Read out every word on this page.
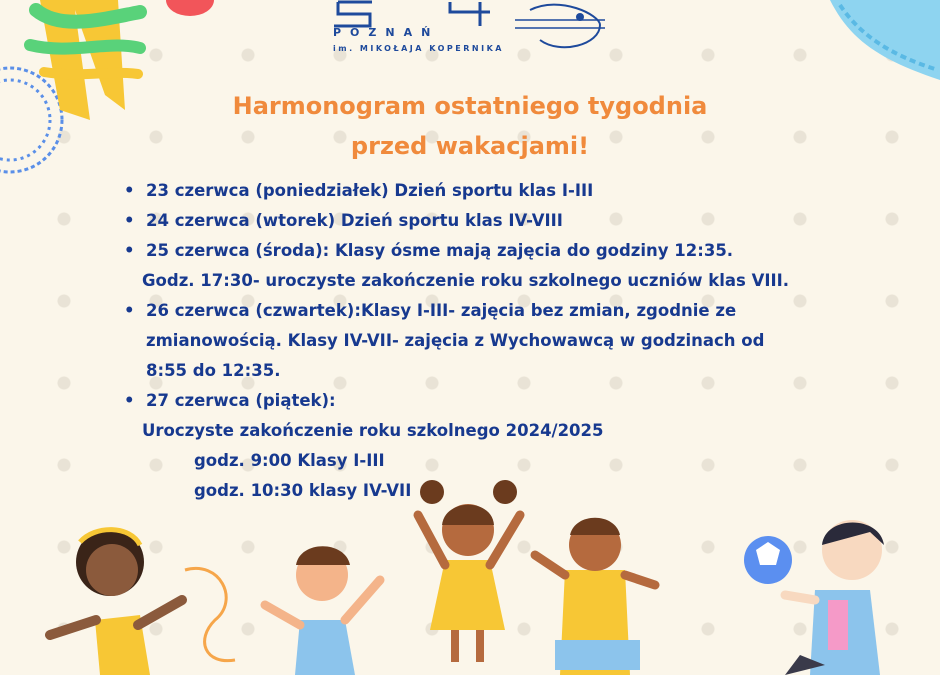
POZNAŃ
im. MIKOŁAJA KOPERNIKA
Harmonogram ostatniego tygodnia
przed wakacjami!
• 23 czerwca (poniedziałek) Dzień sportu klas I-III
• 24 czerwca (wtorek) Dzień sportu klas IV-VIII
• 25 czerwca (środa): Klasy ósme mają zajęcia do godziny 12:35.
Godz. 17:30- uroczyste zakończenie roku szkolnego uczniów klas VIII.
• 26 czerwca (czwartek):Klasy I-III- zajęcia bez zmian, zgodnie ze
zmianowością. Klasy IV-VII- zajęcia z Wychowawcą w godzinach od
8:55 do 12:35.
• 27 czerwca (piątek):
Uroczyste zakończenie roku szkolnego 2024/2025
godz. 9:00 Klasy I-III
godz. 10:30 klasy IV-VII
